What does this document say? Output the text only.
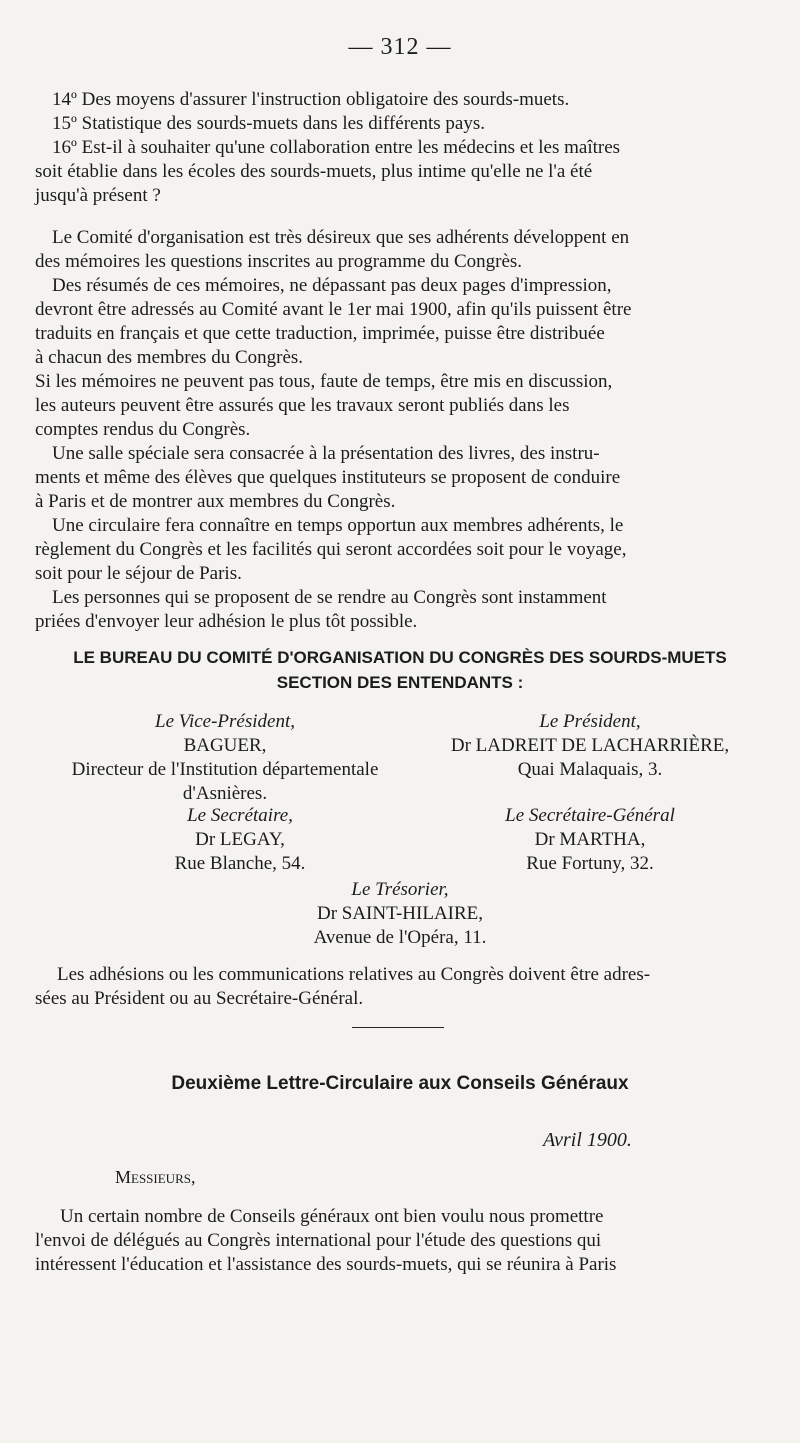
— 312 —
14º Des moyens d'assurer l'instruction obligatoire des sourds-muets.
15º Statistique des sourds-muets dans les différents pays.
16º Est-il à souhaiter qu'une collaboration entre les médecins et les maîtres
soit établie dans les écoles des sourds-muets, plus intime qu'elle ne l'a été
jusqu'à présent ?
Le Comité d'organisation est très désireux que ses adhérents développent en
des mémoires les questions inscrites au programme du Congrès.
Des résumés de ces mémoires, ne dépassant pas deux pages d'impression,
devront être adressés au Comité avant le 1er mai 1900, afin qu'ils puissent être
traduits en français et que cette traduction, imprimée, puisse être distribuée
à chacun des membres du Congrès.
Si les mémoires ne peuvent pas tous, faute de temps, être mis en discussion,
les auteurs peuvent être assurés que les travaux seront publiés dans les
comptes rendus du Congrès.
Une salle spéciale sera consacrée à la présentation des livres, des instru-
ments et même des élèves que quelques instituteurs se proposent de conduire
à Paris et de montrer aux membres du Congrès.
Une circulaire fera connaître en temps opportun aux membres adhérents, le
règlement du Congrès et les facilités qui seront accordées soit pour le voyage,
soit pour le séjour de Paris.
Les personnes qui se proposent de se rendre au Congrès sont instamment
priées d'envoyer leur adhésion le plus tôt possible.
LE BUREAU DU COMITÉ D'ORGANISATION DU CONGRÈS DES SOURDS-MUETS
SECTION DES ENTENDANTS :
Le Vice-Président,
BAGUER,
Directeur de l'Institution départementale
d'Asnières.
Le Président,
Dr LADREIT DE LACHARRIÈRE,
Quai Malaquais, 3.
Le Secrétaire,
Dr LEGAY,
Rue Blanche, 54.
Le Secrétaire-Général
Dr MARTHA,
Rue Fortuny, 32.
Le Trésorier,
Dr SAINT-HILAIRE,
Avenue de l'Opéra, 11.
Les adhésions ou les communications relatives au Congrès doivent être adres-
sées au Président ou au Secrétaire-Général.
Deuxième Lettre-Circulaire aux Conseils Généraux
Avril 1900.
Messieurs,
Un certain nombre de Conseils généraux ont bien voulu nous promettre
l'envoi de délégués au Congrès international pour l'étude des questions qui
intéressent l'éducation et l'assistance des sourds-muets, qui se réunira à Paris
